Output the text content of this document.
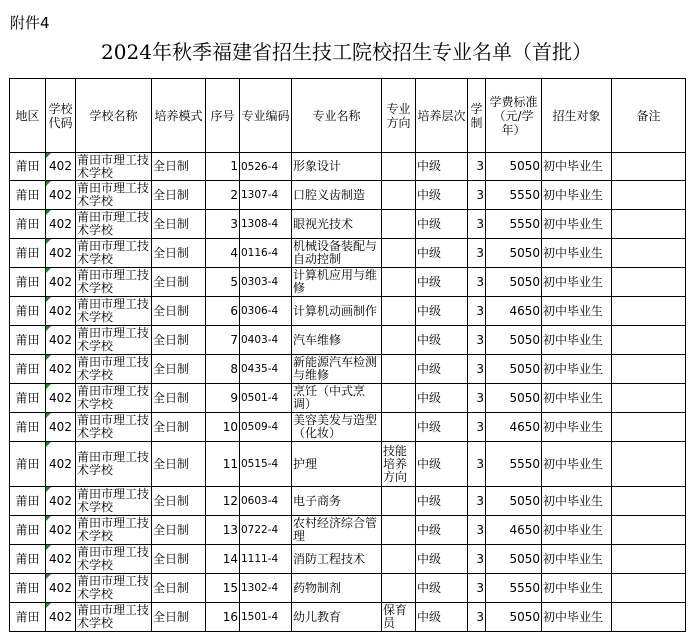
附件4
2024年秋季福建省招生技工院校招生专业名单（首批）
地区	学校代码	学校名称	培养模式	序号	专业编码	专业名称	专业方向	培养层次	学制	学费标准（元/学年）	招生对象	备注
莆田	402	莆田市理工技术学校	全日制	1	0526-4	形象设计		中级	3	5050	初中毕业生	
莆田	402	莆田市理工技术学校	全日制	2	1307-4	口腔义齿制造		中级	3	5550	初中毕业生	
莆田	402	莆田市理工技术学校	全日制	3	1308-4	眼视光技术		中级	3	5550	初中毕业生	
莆田	402	莆田市理工技术学校	全日制	4	0116-4	机械设备装配与自动控制		中级	3	5050	初中毕业生	
莆田	402	莆田市理工技术学校	全日制	5	0303-4	计算机应用与维修		中级	3	5050	初中毕业生	
莆田	402	莆田市理工技术学校	全日制	6	0306-4	计算机动画制作		中级	3	4650	初中毕业生	
莆田	402	莆田市理工技术学校	全日制	7	0403-4	汽车维修		中级	3	5050	初中毕业生	
莆田	402	莆田市理工技术学校	全日制	8	0435-4	新能源汽车检测与维修		中级	3	5050	初中毕业生	
莆田	402	莆田市理工技术学校	全日制	9	0501-4	烹饪（中式烹调）		中级	3	5050	初中毕业生	
莆田	402	莆田市理工技术学校	全日制	10	0509-4	美容美发与造型（化妆）		中级	3	4650	初中毕业生	
莆田	402	莆田市理工技术学校	全日制	11	0515-4	护理	技能培养方向	中级	3	5550	初中毕业生	
莆田	402	莆田市理工技术学校	全日制	12	0603-4	电子商务		中级	3	5050	初中毕业生	
莆田	402	莆田市理工技术学校	全日制	13	0722-4	农村经济综合管理		中级	3	4650	初中毕业生	
莆田	402	莆田市理工技术学校	全日制	14	1111-4	消防工程技术		中级	3	5050	初中毕业生	
莆田	402	莆田市理工技术学校	全日制	15	1302-4	药物制剂		中级	3	5550	初中毕业生	
莆田	402	莆田市理工技术学校	全日制	16	1501-4	幼儿教育	保育员	中级	3	5050	初中毕业生	
